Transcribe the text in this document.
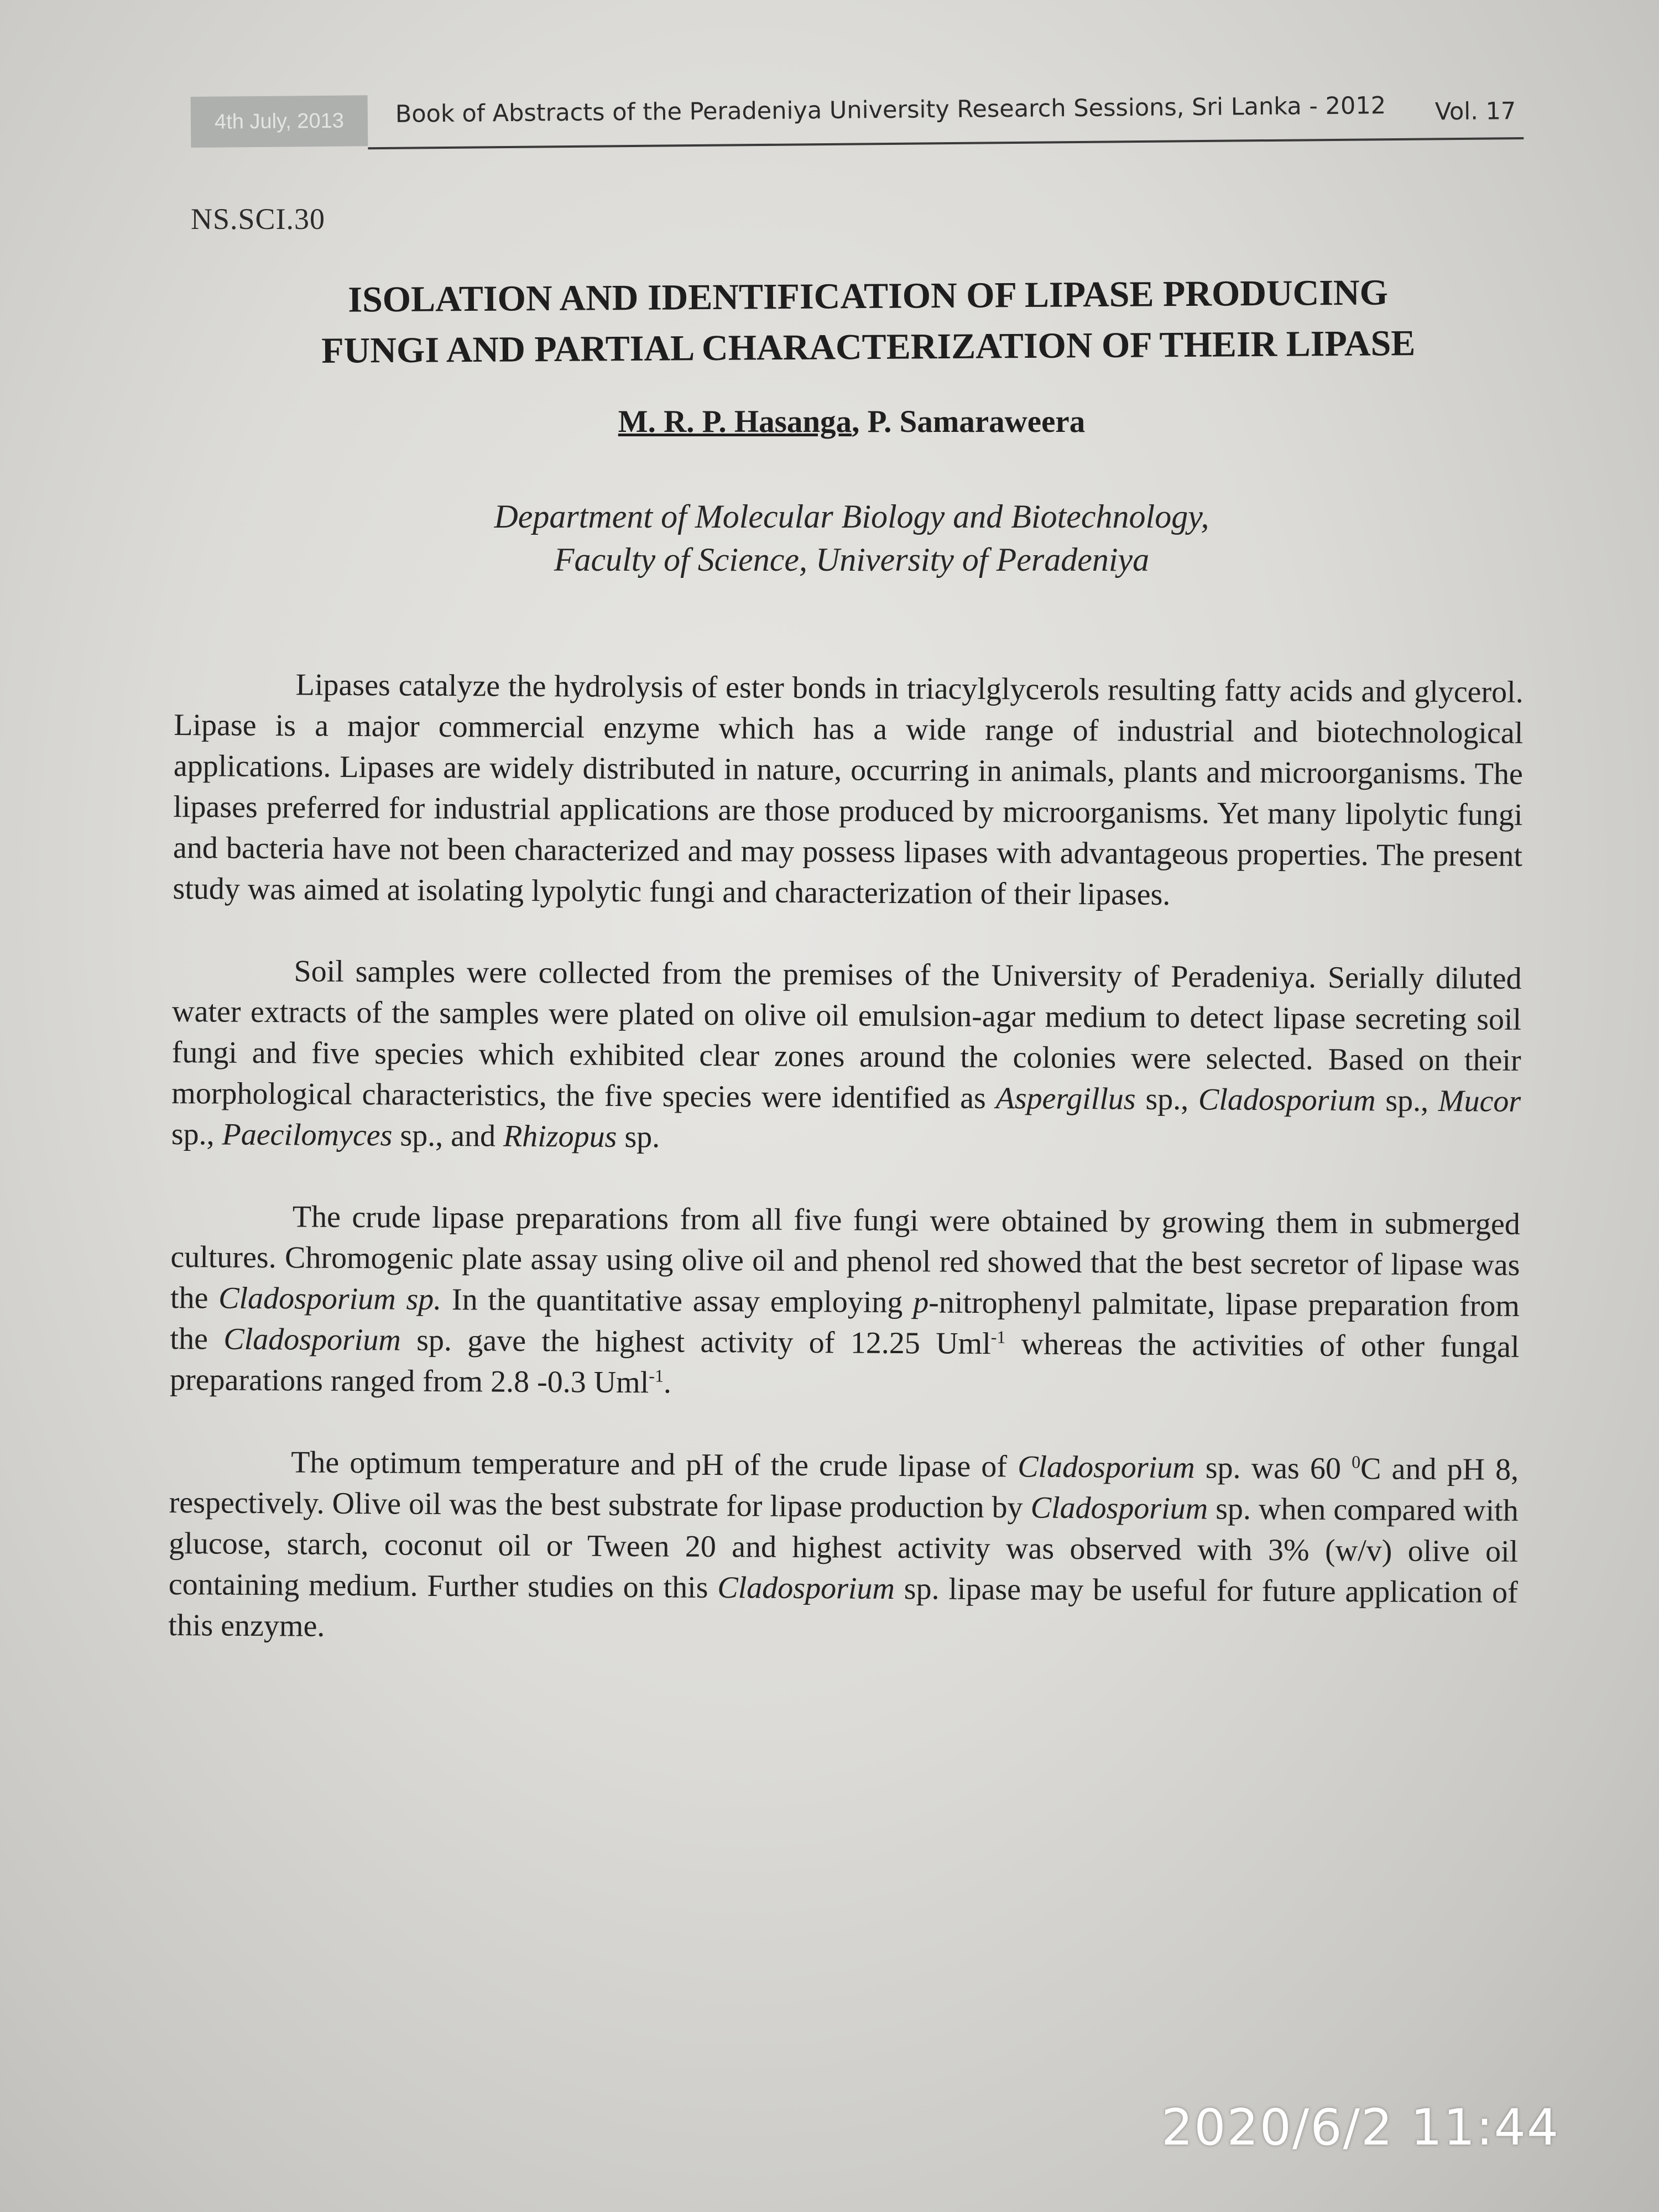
4th July, 2013	Book of Abstracts of the Peradeniya University Research Sessions, Sri Lanka - 2012	Vol. 17
NS.SCI.30
ISOLATION AND IDENTIFICATION OF LIPASE PRODUCING
FUNGI AND PARTIAL CHARACTERIZATION OF THEIR LIPASE
M. R. P. Hasanga, P. Samaraweera
Department of Molecular Biology and Biotechnology,
Faculty of Science, University of Peradeniya

Lipases catalyze the hydrolysis of ester bonds in triacylglycerols resulting fatty acids and glycerol. Lipase is a major commercial enzyme which has a wide range of industrial and biotechnological applications. Lipases are widely distributed in nature, occurring in animals, plants and microorganisms. The lipases preferred for industrial applications are those produced by microorganisms. Yet many lipolytic fungi and bacteria have not been characterized and may possess lipases with advantageous properties. The present study was aimed at isolating lypolytic fungi and characterization of their lipases.

Soil samples were collected from the premises of the University of Peradeniya. Serially diluted water extracts of the samples were plated on olive oil emulsion-agar medium to detect lipase secreting soil fungi and five species which exhibited clear zones around the colonies were selected. Based on their morphological characteristics, the five species were identified as Aspergillus sp., Cladosporium sp., Mucor sp., Paecilomyces sp., and Rhizopus sp.

The crude lipase preparations from all five fungi were obtained by growing them in submerged cultures. Chromogenic plate assay using olive oil and phenol red showed that the best secretor of lipase was the Cladosporium sp. In the quantitative assay employing p-nitrophenyl palmitate, lipase preparation from the Cladosporium sp. gave the highest activity of 12.25 Uml$^{-1}$ whereas the activities of other fungal preparations ranged from 2.8 -0.3 Uml$^{-1}$.

The optimum temperature and pH of the crude lipase of Cladosporium sp. was 60 $^0$C and pH 8, respectively. Olive oil was the best substrate for lipase production by Cladosporium sp. when compared with glucose, starch, coconut oil or Tween 20 and highest activity was observed with 3% (w/v) olive oil containing medium. Further studies on this Cladosporium sp. lipase may be useful for future application of this enzyme.

2020/6/2 11:44
